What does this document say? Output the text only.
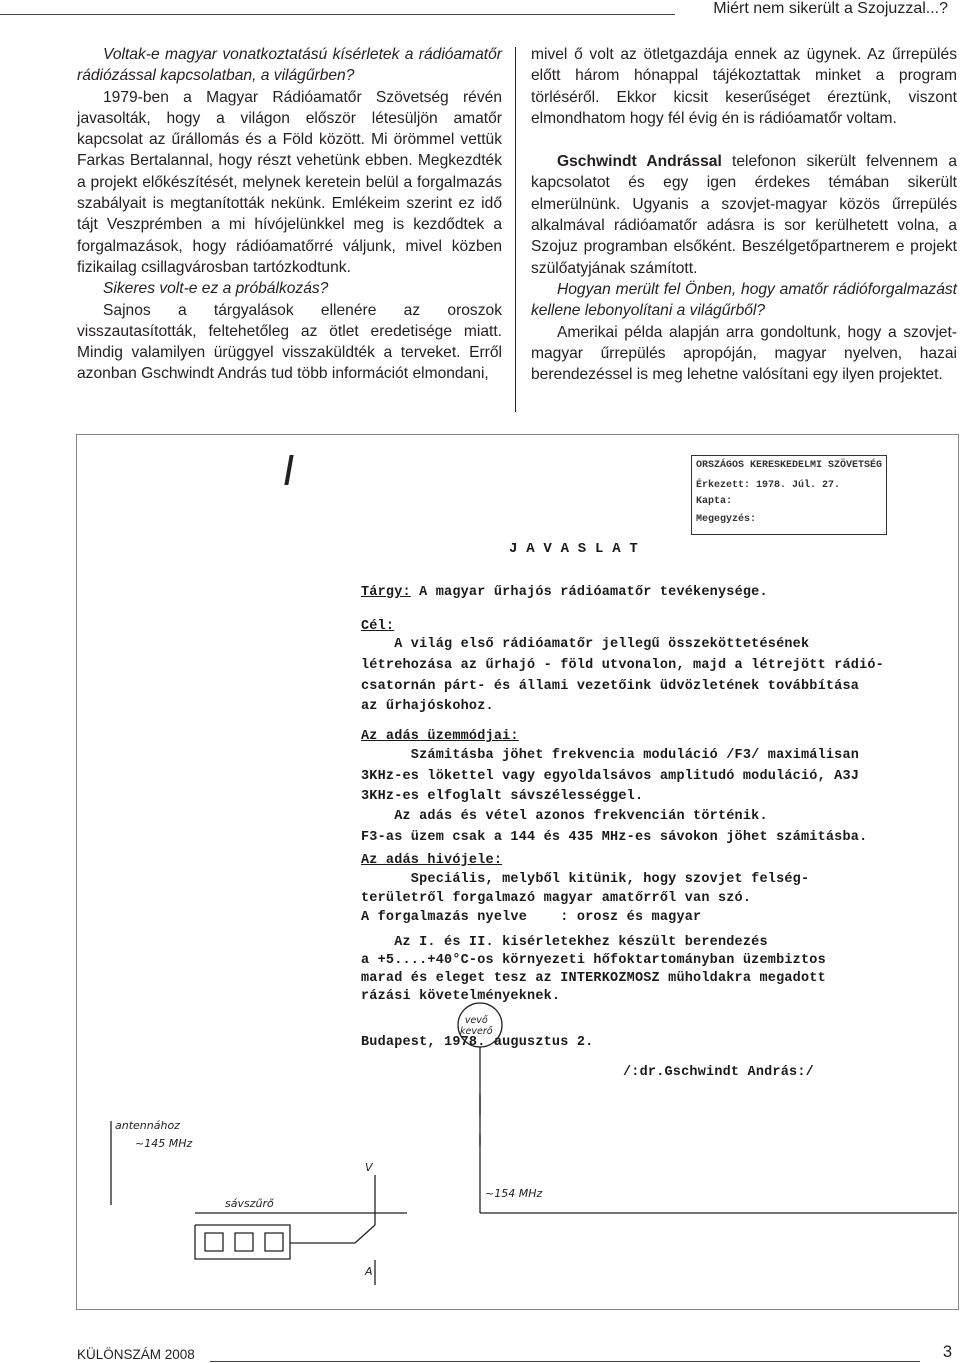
Miért nem sikerült a Szojuzzal...?

Voltak-e magyar vonatkoztatású kísérletek a rádióamatőr rádiózással kapcsolatban, a világűrben?

1979-ben a Magyar Rádióamatőr Szövetség révén javasolták, hogy a világon először létesüljön amatőr kapcsolat az űrállomás és a Föld között. Mi örömmel vettük Farkas Bertalannal, hogy részt vehetünk ebben. Megkezdték a projekt előkészítését, melynek keretein belül a forgalmazás szabályait is megtanították nekünk. Emlékeim szerint ez idő tájt Veszprémben a mi hívójelünkkel meg is kezdődtek a forgalmazások, hogy rádióamatőrré váljunk, mivel közben fizikailag csillagvárosban tartózkodtunk.

Sikeres volt-e ez a próbálkozás?

Sajnos a tárgyalások ellenére az oroszok visszautasították, feltehetőleg az ötlet eredetisége miatt. Mindig valamilyen ürüggyel visszaküldték a terveket. Erről azonban Gschwindt András tud több információt elmondani,

mivel ő volt az ötletgazdája ennek az ügynek. Az űrrepülés előtt három hónappal tájékoztattak minket a program törléséről. Ekkor kicsit keserűséget éreztünk, viszont elmondhatom hogy fél évig én is rádióamatőr voltam.

Gschwindt Andrással telefonon sikerült felvennem a kapcsolatot és egy igen érdekes témában sikerült elmerülnünk. Ugyanis a szovjet-magyar közös űrrepülés alkalmával rádióamatőr adásra is sor kerülhetett volna, a Szojuz programban elsőként. Beszélgetőpartnerem e projekt szülőatyjának számított.

Hogyan merült fel Önben, hogy amatőr rádióforgalmazást kellene lebonyolítani a világűrből?

Amerikai példa alapján arra gondoltunk, hogy a szovjet-magyar űrrepülés apropóján, magyar nyelven, hazai berendezéssel is meg lehetne valósítani egy ilyen projektet.

ORSZÁGOS KERESKEDELMI SZÖVETSÉG
Érkezett: 1978. Júl. 27.
Kapta:
Megegyzés:
J A V A S L A T
Tárgy: A magyar űrhajós rádióamatőr tevékenysége.
Cél:
A világ első rádióamatőr jellegű összeköttetésének
létrehozása az űrhajó - föld utvonalon, majd a létrejött rádió-
csatornán párt- és állami vezetőink üdvözletének továbbítása
az űrhajóskohoz.
Az adás üzemmódjai:
Számitásba jöhet frekvencia moduláció /F3/ maximálisan
3KHz-es lökettel vagy egyoldalsávos amplitudó moduláció, A3J
3KHz-es elfoglalt sávszélességgel.
Az adás és vétel azonos frekvencián történik.
F3-as üzem csak a 144 és 435 MHz-es sávokon jöhet számitásba.
Az adás hivójele:
Speciális, melyből kitünik, hogy szovjet felség-
területről forgalmazó magyar amatőrről van szó.
A forgalmazás nyelve    : orosz és magyar
Az I. és II. kisérletekhez készült berendezés
a +5....+40°C-os környezeti hőfoktartományban üzembiztos
marad és eleget tesz az INTERKOZMOSZ müholdakra megadott
rázási követelményeknek.
Budapest, 1978. augusztus 2.
/:dr.Gschwindt András:/
antennához
~145 MHz
vevő
keverő
~154 MHz
sávszűrő
V
A
KÜLÖNSZÁM 2008	3
